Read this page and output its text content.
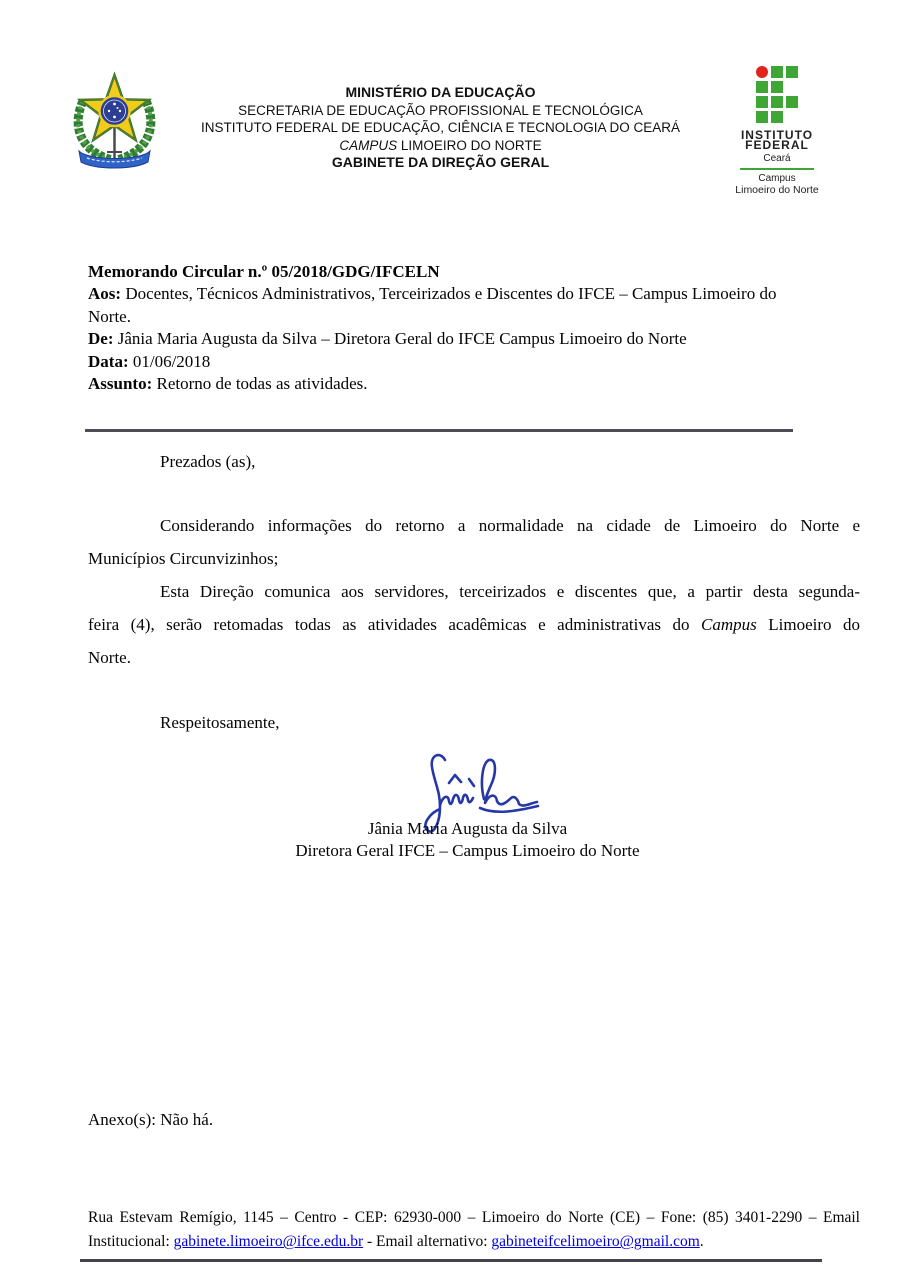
MINISTÉRIO DA EDUCAÇÃO
SECRETARIA DE EDUCAÇÃO PROFISSIONAL E TECNOLÓGICA
INSTITUTO FEDERAL DE EDUCAÇÃO, CIÊNCIA E TECNOLOGIA DO CEARÁ
CAMPUS LIMOEIRO DO NORTE
GABINETE DA DIREÇÃO GERAL
INSTITUTO
FEDERAL
Ceará
Campus
Limoeiro do Norte
Memorando Circular n.º 05/2018/GDG/IFCELN
Aos: Docentes, Técnicos Administrativos, Terceirizados e Discentes do IFCE – Campus Limoeiro do
Norte.
De: Jânia Maria Augusta da Silva – Diretora Geral do IFCE Campus Limoeiro do Norte
Data: 01/06/2018
Assunto: Retorno de todas as atividades.
Prezados (as),
Considerando informações do retorno a normalidade na cidade de Limoeiro do Norte e
Municípios Circunvizinhos;
Esta Direção comunica aos servidores, terceirizados e discentes que, a partir desta segunda-
feira (4), serão retomadas todas as atividades acadêmicas e administrativas do Campus Limoeiro do
Norte.
Respeitosamente,
Jânia Maria Augusta da Silva
Diretora Geral IFCE – Campus Limoeiro do Norte
Anexo(s): Não há.
Rua Estevam Remígio, 1145 – Centro - CEP: 62930-000 – Limoeiro do Norte (CE) – Fone: (85) 3401-2290 – Email
Institucional: gabinete.limoeiro@ifce.edu.br - Email alternativo: gabineteifcelimoeiro@gmail.com.
